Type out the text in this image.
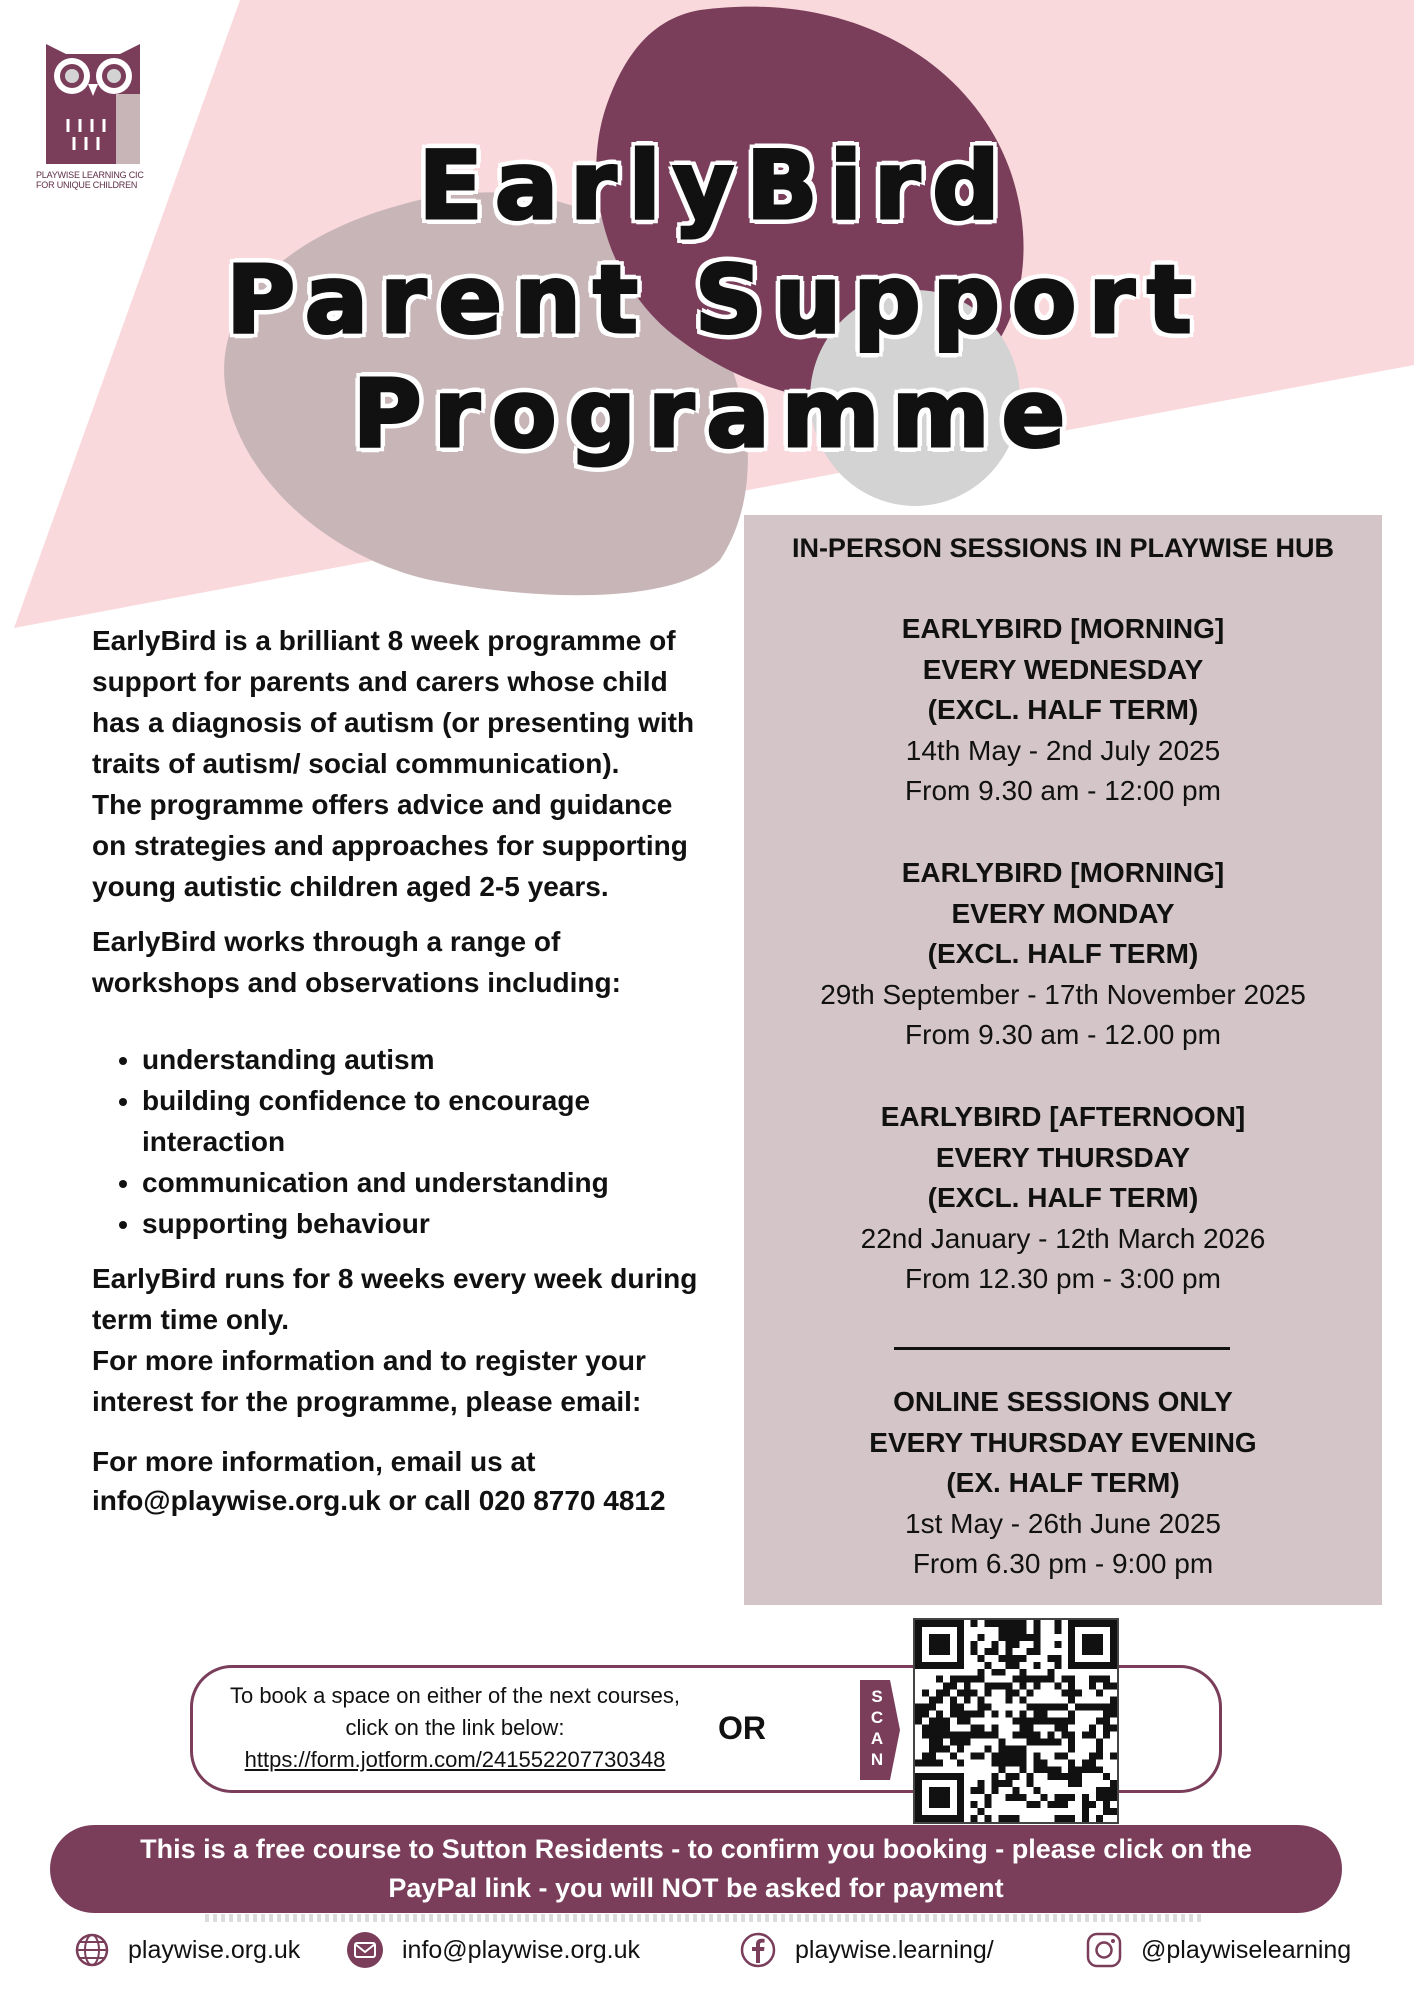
PLAYWISE LEARNING CIC
FOR UNIQUE CHILDREN	EarlyBird
Parent Support
Programme

EarlyBird is a brilliant 8 week programme of support for parents and carers whose child has a diagnosis of autism (or presenting with traits of autism/ social communication).
The programme offers advice and guidance on strategies and approaches for supporting young autistic children aged 2-5 years.

EarlyBird works through a range of workshops and observations including:

• understanding autism
• building confidence to encourage interaction
• communication and understanding
• supporting behaviour

EarlyBird runs for 8 weeks every week during term time only.
For more information and to register your interest for the programme, please email:

For more information, email us at info@playwise.org.uk or call 020 8770 4812

IN-PERSON SESSIONS IN PLAYWISE HUB
EARLYBIRD [MORNING]
EVERY WEDNESDAY
(EXCL. HALF TERM)
14th May - 2nd July 2025
From 9.30 am - 12:00 pm
EARLYBIRD [MORNING]
EVERY MONDAY
(EXCL. HALF TERM)
29th September - 17th November 2025
From 9.30 am - 12.00 pm
EARLYBIRD [AFTERNOON]
EVERY THURSDAY
(EXCL. HALF TERM)
22nd January - 12th March 2026
From 12.30 pm - 3:00 pm
ONLINE SESSIONS ONLY
EVERY THURSDAY EVENING
(EX. HALF TERM)
1st May - 26th June 2025
From 6.30 pm - 9:00 pm
To book a space on either of the next courses,
click on the link below:
https://form.jotform.com/241552207730348
OR
S
C
A
N
This is a free course to Sutton Residents - to confirm you booking - please click on the
PayPal link - you will NOT be asked for payment
playwise.org.uk	info@playwise.org.uk	playwise.learning/	@playwiselearning
